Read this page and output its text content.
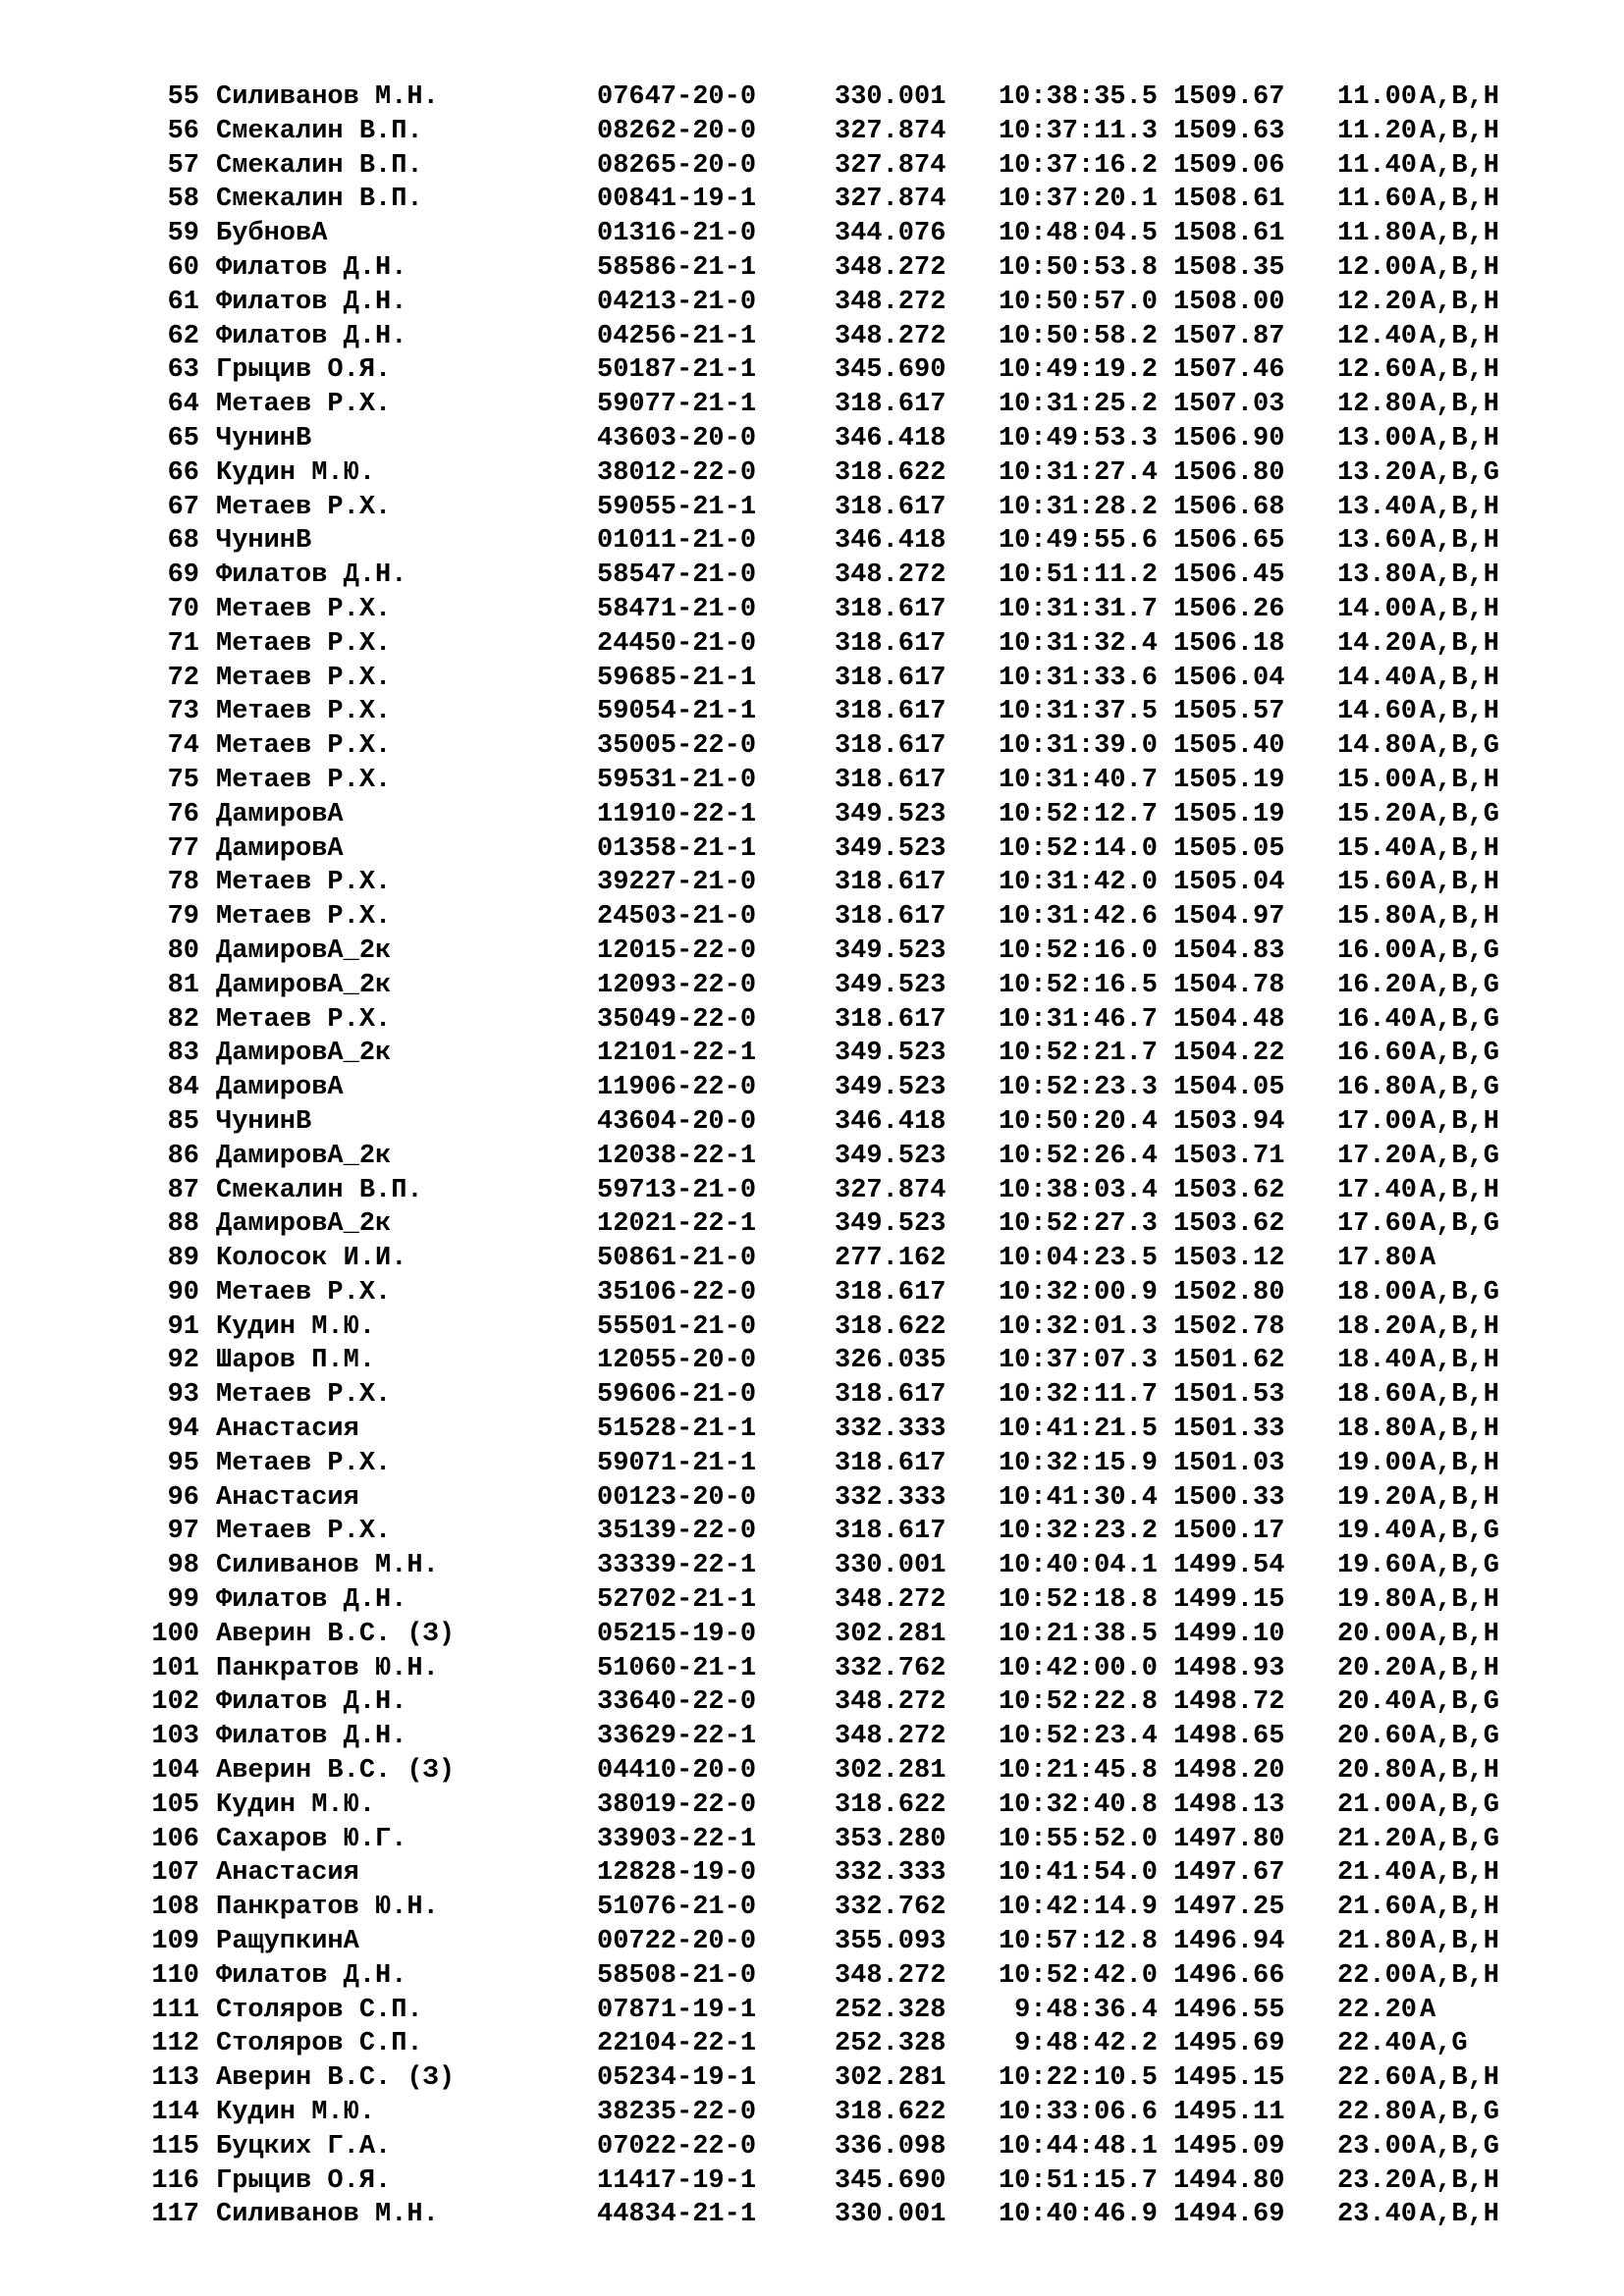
55 Силиванов М.Н.	07647-20-0	330.001	10:38:35.5 1509.67 11.00 A,B,H
56 Смекалин В.П.	08262-20-0	327.874	10:37:11.3 1509.63 11.20 A,B,H
57 Смекалин В.П.	08265-20-0	327.874	10:37:16.2 1509.06 11.40 A,B,H
58 Смекалин В.П.	00841-19-1	327.874	10:37:20.1 1508.61 11.60 A,B,H
59 БубновА	01316-21-0	344.076	10:48:04.5 1508.61 11.80 A,B,H
60 Филатов Д.Н.	58586-21-1	348.272	10:50:53.8 1508.35 12.00 A,B,H
61 Филатов Д.Н.	04213-21-0	348.272	10:50:57.0 1508.00 12.20 A,B,H
62 Филатов Д.Н.	04256-21-1	348.272	10:50:58.2 1507.87 12.40 A,B,H
63 Грыцив О.Я.	50187-21-1	345.690	10:49:19.2 1507.46 12.60 A,B,H
64 Метаев Р.Х.	59077-21-1	318.617	10:31:25.2 1507.03 12.80 A,B,H
65 ЧунинВ	43603-20-0	346.418	10:49:53.3 1506.90 13.00 A,B,H
66 Кудин М.Ю.	38012-22-0	318.622	10:31:27.4 1506.80 13.20 A,B,G
67 Метаев Р.Х.	59055-21-1	318.617	10:31:28.2 1506.68 13.40 A,B,H
68 ЧунинВ	01011-21-0	346.418	10:49:55.6 1506.65 13.60 A,B,H
69 Филатов Д.Н.	58547-21-0	348.272	10:51:11.2 1506.45 13.80 A,B,H
70 Метаев Р.Х.	58471-21-0	318.617	10:31:31.7 1506.26 14.00 A,B,H
71 Метаев Р.Х.	24450-21-0	318.617	10:31:32.4 1506.18 14.20 A,B,H
72 Метаев Р.Х.	59685-21-1	318.617	10:31:33.6 1506.04 14.40 A,B,H
73 Метаев Р.Х.	59054-21-1	318.617	10:31:37.5 1505.57 14.60 A,B,H
74 Метаев Р.Х.	35005-22-0	318.617	10:31:39.0 1505.40 14.80 A,B,G
75 Метаев Р.Х.	59531-21-0	318.617	10:31:40.7 1505.19 15.00 A,B,H
76 ДамировА	11910-22-1	349.523	10:52:12.7 1505.19 15.20 A,B,G
77 ДамировА	01358-21-1	349.523	10:52:14.0 1505.05 15.40 A,B,H
78 Метаев Р.Х.	39227-21-0	318.617	10:31:42.0 1505.04 15.60 A,B,H
79 Метаев Р.Х.	24503-21-0	318.617	10:31:42.6 1504.97 15.80 A,B,H
80 ДамировА_2к	12015-22-0	349.523	10:52:16.0 1504.83 16.00 A,B,G
81 ДамировА_2к	12093-22-0	349.523	10:52:16.5 1504.78 16.20 A,B,G
82 Метаев Р.Х.	35049-22-0	318.617	10:31:46.7 1504.48 16.40 A,B,G
83 ДамировА_2к	12101-22-1	349.523	10:52:21.7 1504.22 16.60 A,B,G
84 ДамировА	11906-22-0	349.523	10:52:23.3 1504.05 16.80 A,B,G
85 ЧунинВ	43604-20-0	346.418	10:50:20.4 1503.94 17.00 A,B,H
86 ДамировА_2к	12038-22-1	349.523	10:52:26.4 1503.71 17.20 A,B,G
87 Смекалин В.П.	59713-21-0	327.874	10:38:03.4 1503.62 17.40 A,B,H
88 ДамировА_2к	12021-22-1	349.523	10:52:27.3 1503.62 17.60 A,B,G
89 Колосок И.И.	50861-21-0	277.162	10:04:23.5 1503.12 17.80 A
90 Метаев Р.Х.	35106-22-0	318.617	10:32:00.9 1502.80 18.00 A,B,G
91 Кудин М.Ю.	55501-21-0	318.622	10:32:01.3 1502.78 18.20 A,B,H
92 Шаров П.М.	12055-20-0	326.035	10:37:07.3 1501.62 18.40 A,B,H
93 Метаев Р.Х.	59606-21-0	318.617	10:32:11.7 1501.53 18.60 A,B,H
94 Анастасия	51528-21-1	332.333	10:41:21.5 1501.33 18.80 A,B,H
95 Метаев Р.Х.	59071-21-1	318.617	10:32:15.9 1501.03 19.00 A,B,H
96 Анастасия	00123-20-0	332.333	10:41:30.4 1500.33 19.20 A,B,H
97 Метаев Р.Х.	35139-22-0	318.617	10:32:23.2 1500.17 19.40 A,B,G
98 Силиванов М.Н.	33339-22-1	330.001	10:40:04.1 1499.54 19.60 A,B,G
99 Филатов Д.Н.	52702-21-1	348.272	10:52:18.8 1499.15 19.80 A,B,H
100 Аверин В.С. (З)	05215-19-0	302.281	10:21:38.5 1499.10 20.00 A,B,H
101 Панкратов Ю.Н.	51060-21-1	332.762	10:42:00.0 1498.93 20.20 A,B,H
102 Филатов Д.Н.	33640-22-0	348.272	10:52:22.8 1498.72 20.40 A,B,G
103 Филатов Д.Н.	33629-22-1	348.272	10:52:23.4 1498.65 20.60 A,B,G
104 Аверин В.С. (З)	04410-20-0	302.281	10:21:45.8 1498.20 20.80 A,B,H
105 Кудин М.Ю.	38019-22-0	318.622	10:32:40.8 1498.13 21.00 A,B,G
106 Сахаров Ю.Г.	33903-22-1	353.280	10:55:52.0 1497.80 21.20 A,B,G
107 Анастасия	12828-19-0	332.333	10:41:54.0 1497.67 21.40 A,B,H
108 Панкратов Ю.Н.	51076-21-0	332.762	10:42:14.9 1497.25 21.60 A,B,H
109 РащупкинА	00722-20-0	355.093	10:57:12.8 1496.94 21.80 A,B,H
110 Филатов Д.Н.	58508-21-0	348.272	10:52:42.0 1496.66 22.00 A,B,H
111 Столяров С.П.	07871-19-1	252.328	9:48:36.4 1496.55 22.20 A
112 Столяров С.П.	22104-22-1	252.328	9:48:42.2 1495.69 22.40 A,G
113 Аверин В.С. (З)	05234-19-1	302.281	10:22:10.5 1495.15 22.60 A,B,H
114 Кудин М.Ю.	38235-22-0	318.622	10:33:06.6 1495.11 22.80 A,B,G
115 Буцких Г.А.	07022-22-0	336.098	10:44:48.1 1495.09 23.00 A,B,G
116 Грыцив О.Я.	11417-19-1	345.690	10:51:15.7 1494.80 23.20 A,B,H
117 Силиванов М.Н.	44834-21-1	330.001	10:40:46.9 1494.69 23.40 A,B,H
